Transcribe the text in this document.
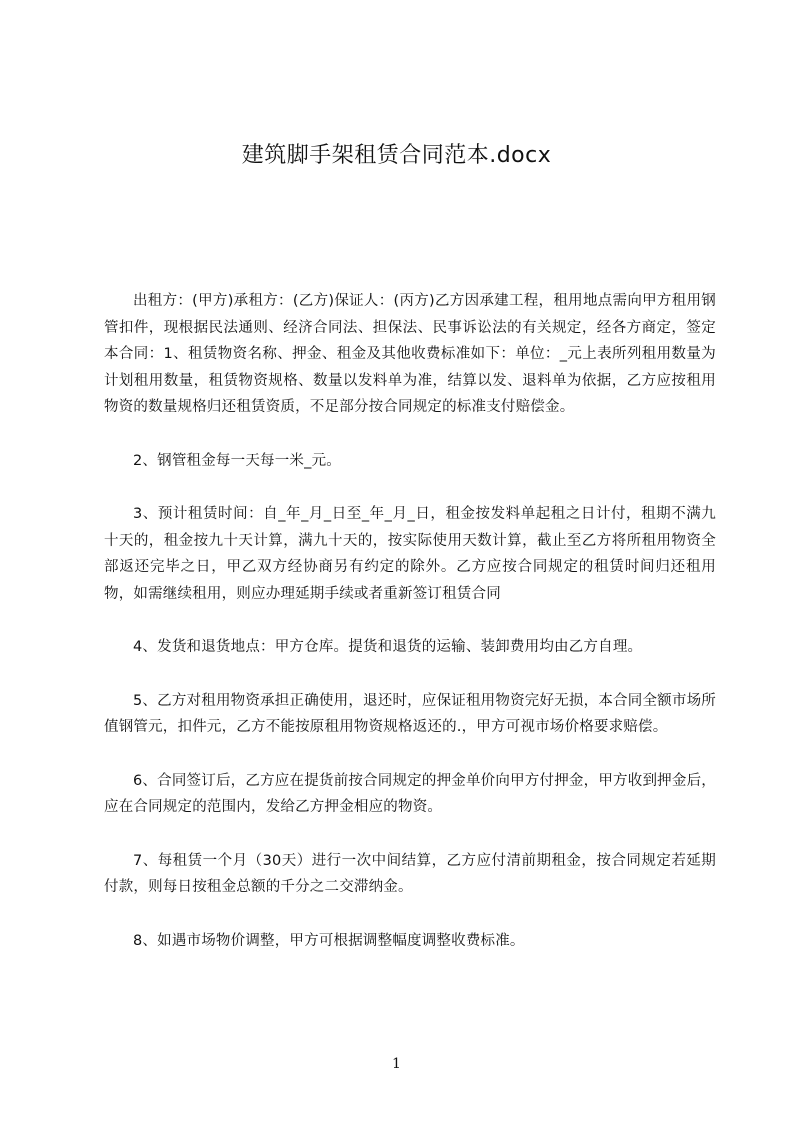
建筑脚手架租赁合同范本.docx

出租方：(甲方)承租方：(乙方)保证人：(丙方)乙方因承建工程，租用地点需向甲方租用钢管扣件，现根据民法通则、经济合同法、担保法、民事诉讼法的有关规定，经各方商定，签定本合同：1、租赁物资名称、押金、租金及其他收费标准如下：单位：_元上表所列租用数量为计划租用数量，租赁物资规格、数量以发料单为准，结算以发、退料单为依据，乙方应按租用物资的数量规格归还租赁资质，不足部分按合同规定的标准支付赔偿金。

2、钢管租金每一天每一米_元。

3、预计租赁时间：自_年_月_日至_年_月_日，租金按发料单起租之日计付，租期不满九十天的，租金按九十天计算，满九十天的，按实际使用天数计算，截止至乙方将所租用物资全部返还完毕之日，甲乙双方经协商另有约定的除外。乙方应按合同规定的租赁时间归还租用物，如需继续租用，则应办理延期手续或者重新签订租赁合同

4、发货和退货地点：甲方仓库。提货和退货的运输、装卸费用均由乙方自理。

5、乙方对租用物资承担正确使用，退还时，应保证租用物资完好无损，本合同全额市场所值钢管元，扣件元，乙方不能按原租用物资规格返还的.，甲方可视市场价格要求赔偿。

6、合同签订后，乙方应在提货前按合同规定的押金单价向甲方付押金，甲方收到押金后，应在合同规定的范围内，发给乙方押金相应的物资。

7、每租赁一个月（30天）进行一次中间结算，乙方应付清前期租金，按合同规定若延期付款，则每日按租金总额的千分之二交滞纳金。

8、如遇市场物价调整，甲方可根据调整幅度调整收费标准。

1
